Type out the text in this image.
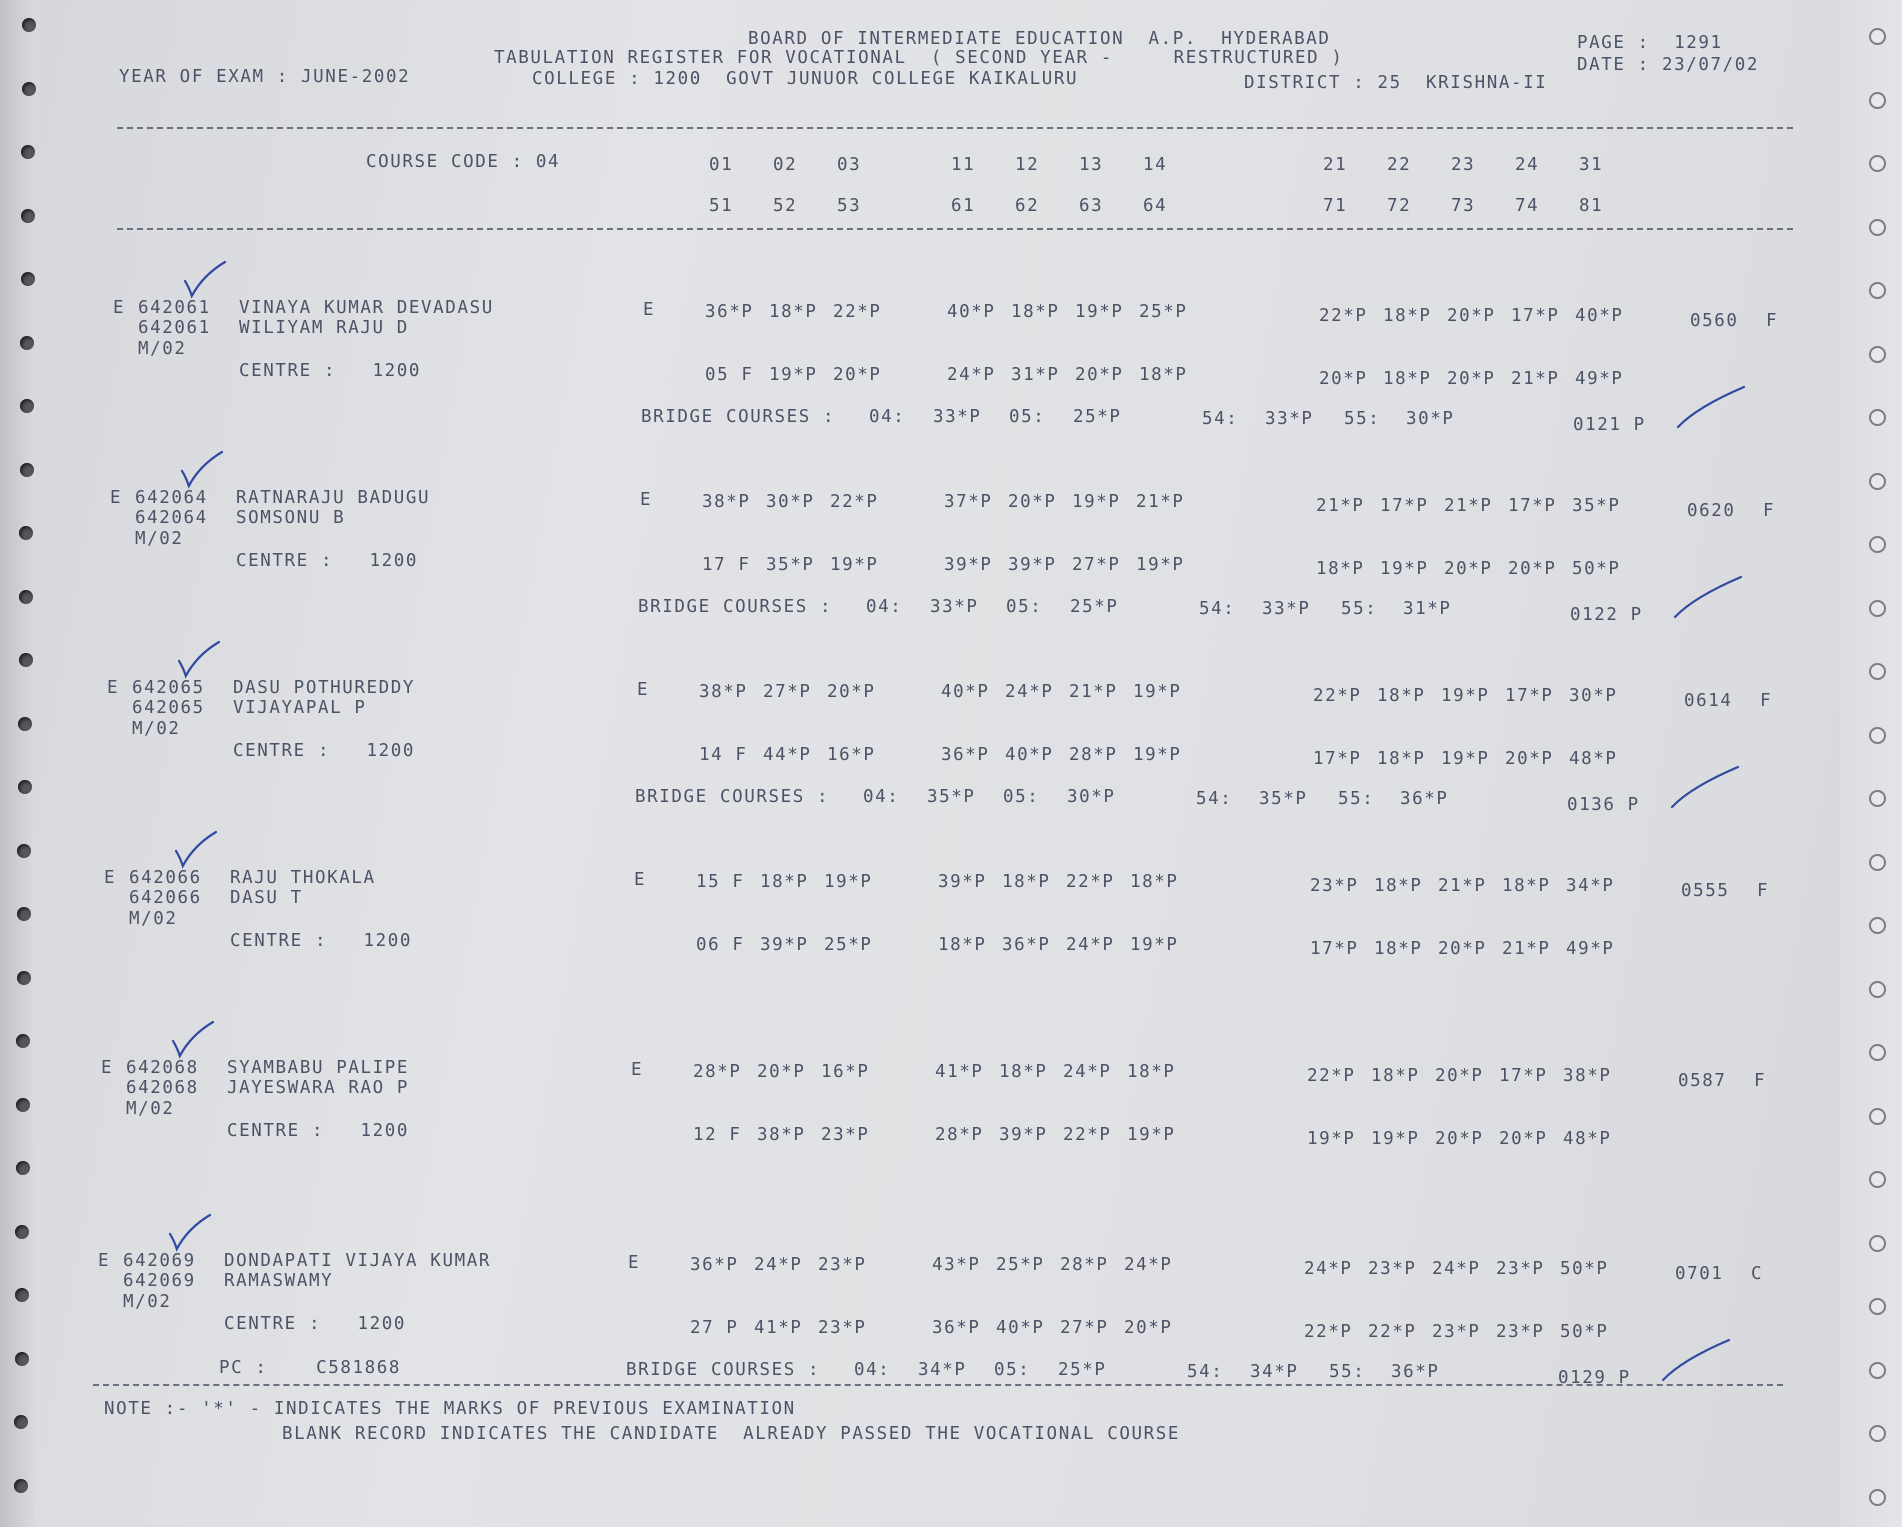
BOARD OF INTERMEDIATE EDUCATION  A.P.  HYDERABAD
TABULATION REGISTER FOR VOCATIONAL  ( SECOND YEAR -     RESTRUCTURED )
COLLEGE : 1200  GOVT JUNUOR COLLEGE KAIKALURU	DISTRICT : 25  KRISHNA-II
YEAR OF EXAM : JUNE-2002
PAGE :  1291
DATE : 23/07/02
COURSE CODE : 04	01 02 03	11 12 13 14	21 22 23 24 31
51 52 53	61 62 63 64	71 72 73 74 81
E 642061
642061
M/02
VINAYA KUMAR DEVADASU
WILIYAM RAJU D
CENTRE :   1200
E	36*P 18*P 22*P	40*P 18*P 19*P 25*P	22*P 18*P 20*P 17*P 40*P
05 F 19*P 20*P	24*P 31*P 20*P 18*P	20*P 18*P 20*P 21*P 49*P
0560 F
BRIDGE COURSES : 04: 33*P 05: 25*P	54: 33*P 55: 30*P	0121 P
E 642064
642064
M/02
RATNARAJU BADUGU
SOMSONU B
CENTRE :   1200
E	38*P 30*P 22*P	37*P 20*P 19*P 21*P	21*P 17*P 21*P 17*P 35*P
17 F 35*P 19*P	39*P 39*P 27*P 19*P	18*P 19*P 20*P 20*P 50*P
0620 F
BRIDGE COURSES : 04: 33*P 05: 25*P	54: 33*P 55: 31*P	0122 P
E 642065
642065
M/02
DASU POTHUREDDY
VIJAYAPAL P
CENTRE :   1200
E	38*P 27*P 20*P	40*P 24*P 21*P 19*P	22*P 18*P 19*P 17*P 30*P
14 F 44*P 16*P	36*P 40*P 28*P 19*P	17*P 18*P 19*P 20*P 48*P
0614 F
BRIDGE COURSES : 04: 35*P 05: 30*P	54: 35*P 55: 36*P	0136 P
E 642066
642066
M/02
RAJU THOKALA
DASU T
CENTRE :   1200
E	15 F 18*P 19*P	39*P 18*P 22*P 18*P	23*P 18*P 21*P 18*P 34*P
06 F 39*P 25*P	18*P 36*P 24*P 19*P	17*P 18*P 20*P 21*P 49*P
0555 F
E 642068
642068
M/02
SYAMBABU PALIPE
JAYESWARA RAO P
CENTRE :   1200
E	28*P 20*P 16*P	41*P 18*P 24*P 18*P	22*P 18*P 20*P 17*P 38*P
12 F 38*P 23*P	28*P 39*P 22*P 19*P	19*P 19*P 20*P 20*P 48*P
0587 F
E 642069
642069
M/02
DONDAPATI VIJAYA KUMAR
RAMASWAMY
CENTRE :   1200
PC :    C581868
E	36*P 24*P 23*P	43*P 25*P 28*P 24*P	24*P 23*P 24*P 23*P 50*P
27 P 41*P 23*P	36*P 40*P 27*P 20*P	22*P 22*P 23*P 23*P 50*P
0701 C
BRIDGE COURSES : 04: 34*P 05: 25*P	54: 34*P 55: 36*P	0129 P
NOTE :- '*' - INDICATES THE MARKS OF PREVIOUS EXAMINATION
BLANK RECORD INDICATES THE CANDIDATE  ALREADY PASSED THE VOCATIONAL COURSE
